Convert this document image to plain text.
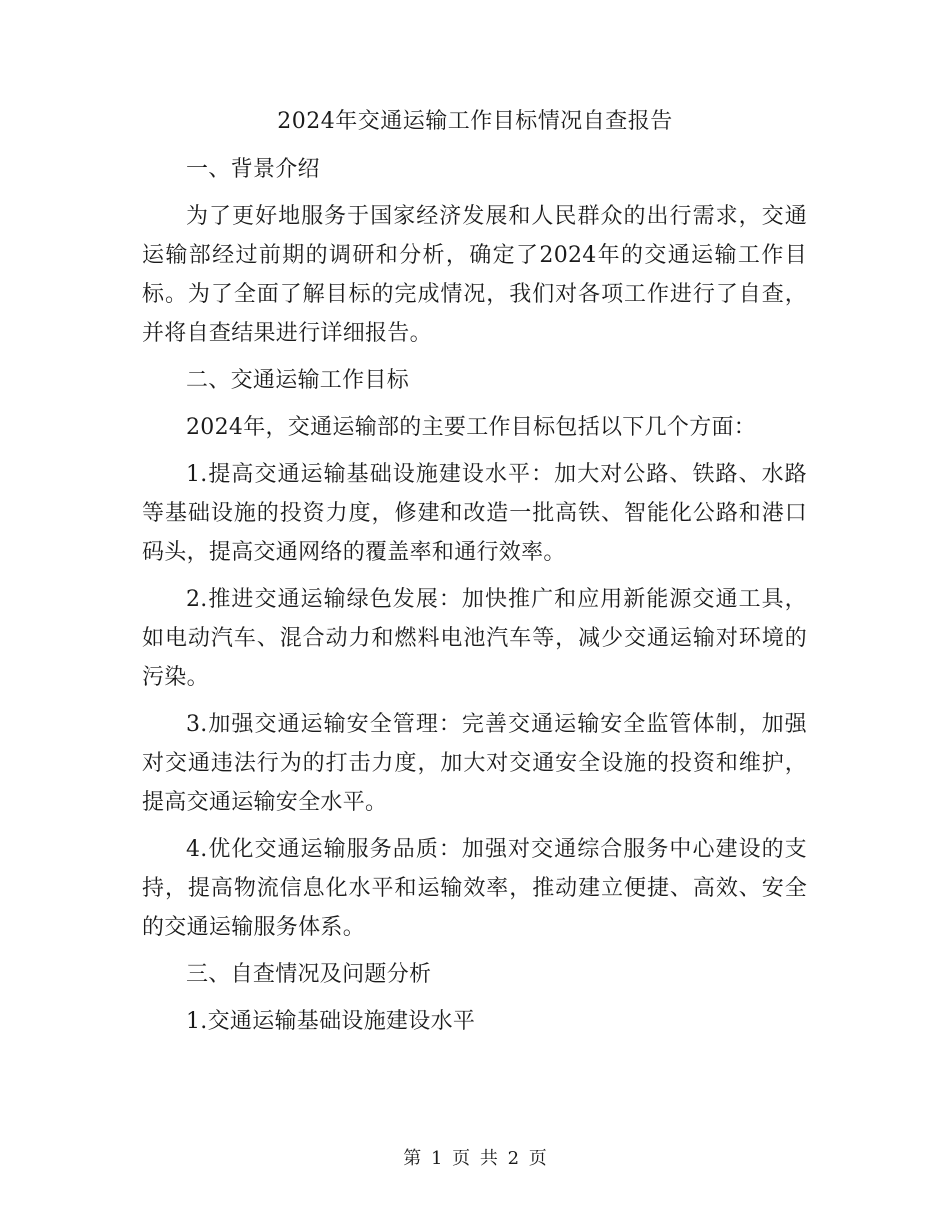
2024年交通运输工作目标情况自查报告

一、背景介绍

为了更好地服务于国家经济发展和人民群众的出行需求，交通运输部经过前期的调研和分析，确定了2024年的交通运输工作目标。为了全面了解目标的完成情况，我们对各项工作进行了自查，并将自查结果进行详细报告。

二、交通运输工作目标

2024年，交通运输部的主要工作目标包括以下几个方面：

1.提高交通运输基础设施建设水平：加大对公路、铁路、水路等基础设施的投资力度，修建和改造一批高铁、智能化公路和港口码头，提高交通网络的覆盖率和通行效率。

2.推进交通运输绿色发展：加快推广和应用新能源交通工具，如电动汽车、混合动力和燃料电池汽车等，减少交通运输对环境的污染。

3.加强交通运输安全管理：完善交通运输安全监管体制，加强对交通违法行为的打击力度，加大对交通安全设施的投资和维护，提高交通运输安全水平。

4.优化交通运输服务品质：加强对交通综合服务中心建设的支持，提高物流信息化水平和运输效率，推动建立便捷、高效、安全的交通运输服务体系。

三、自查情况及问题分析

1.交通运输基础设施建设水平

第 1 页 共 2 页
